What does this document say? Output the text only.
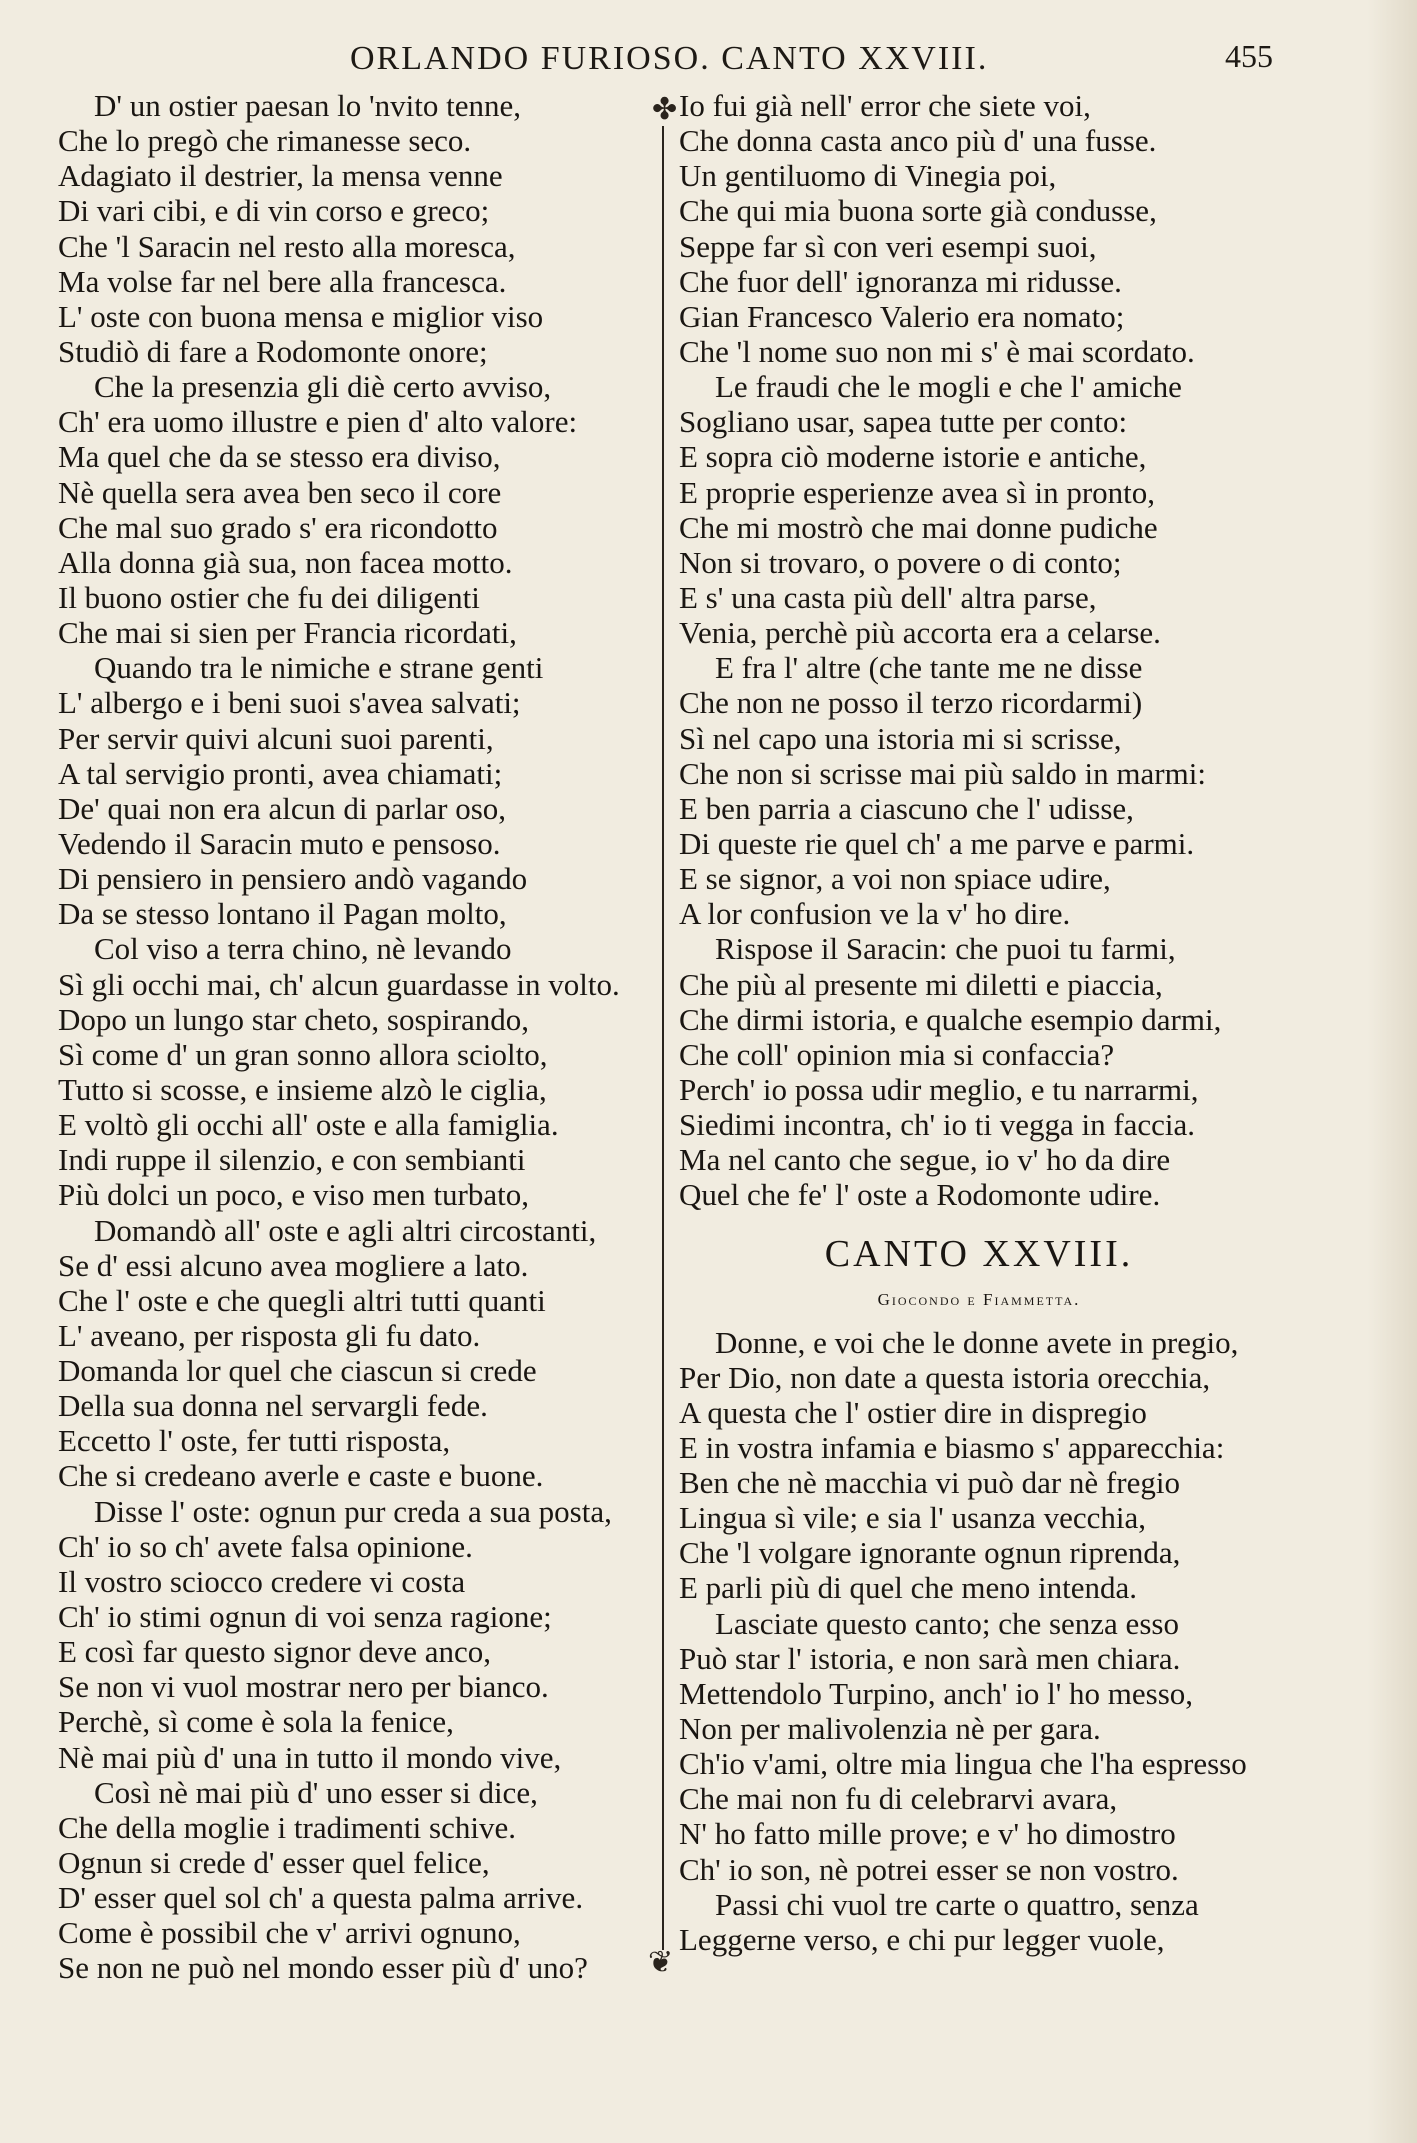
ORLANDO FURIOSO. CANTO XXVIII.	455
D' un ostier paesan lo 'nvito tenne,
Che lo pregò che rimanesse seco.
Adagiato il destrier, la mensa venne
Di vari cibi, e di vin corso e greco;
Che 'l Saracin nel resto alla moresca,
Ma volse far nel bere alla francesca.
L' oste con buona mensa e miglior viso
Studiò di fare a Rodomonte onore;
Che la presenzia gli diè certo avviso,
Ch' era uomo illustre e pien d' alto valore:
Ma quel che da se stesso era diviso,
Nè quella sera avea ben seco il core
Che mal suo grado s' era ricondotto
Alla donna già sua, non facea motto.
Il buono ostier che fu dei diligenti
Che mai si sien per Francia ricordati,
Quando tra le nimiche e strane genti
L' albergo e i beni suoi s'avea salvati;
Per servir quivi alcuni suoi parenti,
A tal servigio pronti, avea chiamati;
De' quai non era alcun di parlar oso,
Vedendo il Saracin muto e pensoso.
Di pensiero in pensiero andò vagando
Da se stesso lontano il Pagan molto,
Col viso a terra chino, nè levando
Sì gli occhi mai, ch' alcun guardasse in volto.
Dopo un lungo star cheto, sospirando,
Sì come d' un gran sonno allora sciolto,
Tutto si scosse, e insieme alzò le ciglia,
E voltò gli occhi all' oste e alla famiglia.
Indi ruppe il silenzio, e con sembianti
Più dolci un poco, e viso men turbato,
Domandò all' oste e agli altri circostanti,
Se d' essi alcuno avea mogliere a lato.
Che l' oste e che quegli altri tutti quanti
L' aveano, per risposta gli fu dato.
Domanda lor quel che ciascun si crede
Della sua donna nel servargli fede.
Eccetto l' oste, fer tutti risposta,
Che si credeano averle e caste e buone.
Disse l' oste: ognun pur creda a sua posta,
Ch' io so ch' avete falsa opinione.
Il vostro sciocco credere vi costa
Ch' io stimi ognun di voi senza ragione;
E così far questo signor deve anco,
Se non vi vuol mostrar nero per bianco.
Perchè, sì come è sola la fenice,
Nè mai più d' una in tutto il mondo vive,
Così nè mai più d' uno esser si dice,
Che della moglie i tradimenti schive.
Ognun si crede d' esser quel felice,
D' esser quel sol ch' a questa palma arrive.
Come è possibil che v' arrivi ognuno,
Se non ne può nel mondo esser più d' uno?
✤
❦
Io fui già nell' error che siete voi,
Che donna casta anco più d' una fusse.
Un gentiluomo di Vinegia poi,
Che qui mia buona sorte già condusse,
Seppe far sì con veri esempi suoi,
Che fuor dell' ignoranza mi ridusse.
Gian Francesco Valerio era nomato;
Che 'l nome suo non mi s' è mai scordato.
Le fraudi che le mogli e che l' amiche
Sogliano usar, sapea tutte per conto:
E sopra ciò moderne istorie e antiche,
E proprie esperienze avea sì in pronto,
Che mi mostrò che mai donne pudiche
Non si trovaro, o povere o di conto;
E s' una casta più dell' altra parse,
Venia, perchè più accorta era a celarse.
E fra l' altre (che tante me ne disse
Che non ne posso il terzo ricordarmi)
Sì nel capo una istoria mi si scrisse,
Che non si scrisse mai più saldo in marmi:
E ben parria a ciascuno che l' udisse,
Di queste rie quel ch' a me parve e parmi.
E se signor, a voi non spiace udire,
A lor confusion ve la v' ho dire.
Rispose il Saracin: che puoi tu farmi,
Che più al presente mi diletti e piaccia,
Che dirmi istoria, e qualche esempio darmi,
Che coll' opinion mia si confaccia?
Perch' io possa udir meglio, e tu narrarmi,
Siedimi incontra, ch' io ti vegga in faccia.
Ma nel canto che segue, io v' ho da dire
Quel che fe' l' oste a Rodomonte udire.
CANTO XXVIII.
Giocondo e Fiammetta.
Donne, e voi che le donne avete in pregio,
Per Dio, non date a questa istoria orecchia,
A questa che l' ostier dire in dispregio
E in vostra infamia e biasmo s' apparecchia:
Ben che nè macchia vi può dar nè fregio
Lingua sì vile; e sia l' usanza vecchia,
Che 'l volgare ignorante ognun riprenda,
E parli più di quel che meno intenda.
Lasciate questo canto; che senza esso
Può star l' istoria, e non sarà men chiara.
Mettendolo Turpino, anch' io l' ho messo,
Non per malivolenzia nè per gara.
Ch'io v'ami, oltre mia lingua che l'ha espresso
Che mai non fu di celebrarvi avara,
N' ho fatto mille prove; e v' ho dimostro
Ch' io son, nè potrei esser se non vostro.
Passi chi vuol tre carte o quattro, senza
Leggerne verso, e chi pur legger vuole,
